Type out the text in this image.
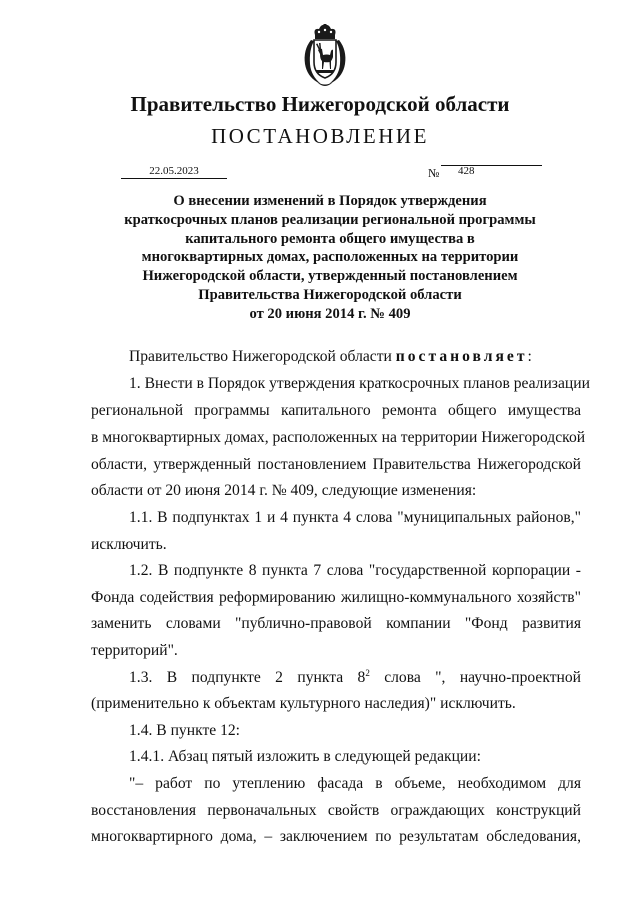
Правительство Нижегородской области
ПОСТАНОВЛЕНИЕ
22.05.2023	№ 428
О внесении изменений в Порядок утверждения
краткосрочных планов реализации региональной программы
капитального ремонта общего имущества в
многоквартирных домах, расположенных на территории
Нижегородской области, утвержденный постановлением
Правительства Нижегородской области
от 20 июня 2014 г. № 409
Правительство Нижегородской области постановляет:
1. Внести в Порядок утверждения краткосрочных планов реализации
региональной программы капитального ремонта общего имущества
в многоквартирных домах, расположенных на территории Нижегородской
области, утвержденный постановлением Правительства Нижегородской
области от 20 июня 2014 г. № 409, следующие изменения:
1.1. В подпунктах 1 и 4 пункта 4 слова "муниципальных районов,"
исключить.
1.2. В подпункте 8 пункта 7 слова "государственной корпорации -
Фонда содействия реформированию жилищно-коммунального хозяйств"
заменить словами "публично-правовой компании "Фонд развития
территорий".
1.3. В подпункте 2 пункта $8^2$ слова ", научно-проектной
(применительно к объектам культурного наследия)" исключить.
1.4. В пункте 12:
1.4.1. Абзац пятый изложить в следующей редакции:
"– работ по утеплению фасада в объеме, необходимом для
восстановления первоначальных свойств ограждающих конструкций
многоквартирного дома, – заключением по результатам обследования,
